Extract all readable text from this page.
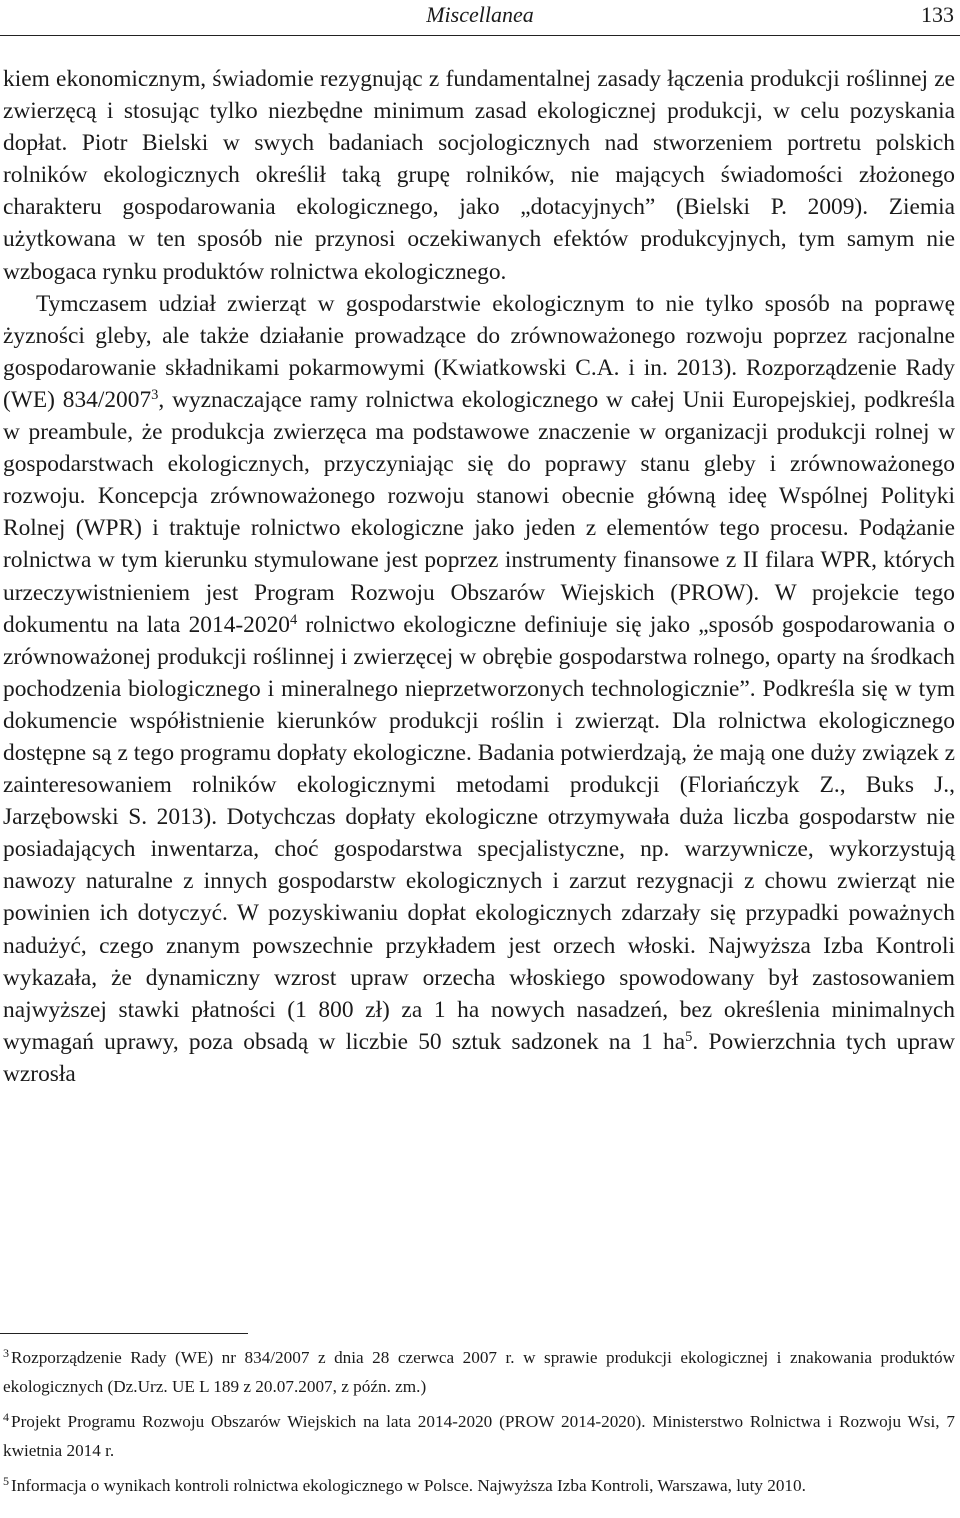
Miscellanea	133

kiem ekonomicznym, świadomie rezygnując z fundamentalnej zasady łączenia produkcji roślinnej ze zwierzęcą i stosując tylko niezbędne minimum zasad ekologicznej produkcji, w celu pozyskania dopłat. Piotr Bielski w swych badaniach socjologicznych nad stworzeniem portretu polskich rolników ekologicznych określił taką grupę rolników, nie mających świadomości złożonego charakteru gospodarowania ekologicznego, jako „dotacyjnych” (Bielski P. 2009). Ziemia użytkowana w ten sposób nie przynosi oczekiwanych efektów produkcyjnych, tym samym nie wzbogaca rynku produktów rolnictwa ekologicznego.

Tymczasem udział zwierząt w gospodarstwie ekologicznym to nie tylko sposób na poprawę żyzności gleby, ale także działanie prowadzące do zrównoważonego rozwoju poprzez racjonalne gospodarowanie składnikami pokarmowymi (Kwiatkowski C.A. i in. 2013). Rozporządzenie Rady (WE) 834/2007$^3$, wyznaczające ramy rolnictwa ekologicznego w całej Unii Europejskiej, podkreśla w preambule, że produkcja zwierzęca ma podstawowe znaczenie w organizacji produkcji rolnej w gospodarstwach ekologicznych, przyczyniając się do poprawy stanu gleby i zrównoważonego rozwoju. Koncepcja zrównoważonego rozwoju stanowi obecnie główną ideę Wspólnej Polityki Rolnej (WPR) i traktuje rolnictwo ekologiczne jako jeden z elementów tego procesu. Podążanie rolnictwa w tym kierunku stymulowane jest poprzez instrumenty finansowe z II filara WPR, których urzeczywistnieniem jest Program Rozwoju Obszarów Wiejskich (PROW). W projekcie tego dokumentu na lata 2014-2020$^4$ rolnictwo ekologiczne definiuje się jako „sposób gospodarowania o zrównoważonej produkcji roślinnej i zwierzęcej w obrębie gospodarstwa rolnego, oparty na środkach pochodzenia biologicznego i mineralnego nieprzetworzonych technologicznie”. Podkreśla się w tym dokumencie współistnienie kierunków produkcji roślin i zwierząt. Dla rolnictwa ekologicznego dostępne są z tego programu dopłaty ekologiczne. Badania potwierdzają, że mają one duży związek z zainteresowaniem rolników ekologicznymi metodami produkcji (Floriańczyk Z., Buks J., Jarzębowski S. 2013). Dotychczas dopłaty ekologiczne otrzymywała duża liczba gospodarstw nie posiadających inwentarza, choć gospodarstwa specjalistyczne, np. warzywnicze, wykorzystują nawozy naturalne z innych gospodarstw ekologicznych i zarzut rezygnacji z chowu zwierząt nie powinien ich dotyczyć. W pozyskiwaniu dopłat ekologicznych zdarzały się przypadki poważnych nadużyć, czego znanym powszechnie przykładem jest orzech włoski. Najwyższa Izba Kontroli wykazała, że dynamiczny wzrost upraw orzecha włoskiego spowodowany był zastosowaniem najwyższej stawki płatności (1 800 zł) za 1 ha nowych nasadzeń, bez określenia minimalnych wymagań uprawy, poza obsadą w liczbie 50 sztuk sadzonek na 1 $ha^5$. Powierzchnia tych upraw wzrosła

$^3$ Rozporządzenie Rady (WE) nr 834/2007 z dnia 28 czerwca 2007 r. w sprawie produkcji ekologicznej i znakowania produktów ekologicznych (Dz.Urz. UE L 189 z 20.07.2007, z późn. zm.)

$^4$ Projekt Programu Rozwoju Obszarów Wiejskich na lata 2014-2020 (PROW 2014-2020). Ministerstwo Rolnictwa i Rozwoju Wsi, 7 kwietnia 2014 r.

$^5$ Informacja o wynikach kontroli rolnictwa ekologicznego w Polsce. Najwyższa Izba Kontroli, Warszawa, luty 2010.
